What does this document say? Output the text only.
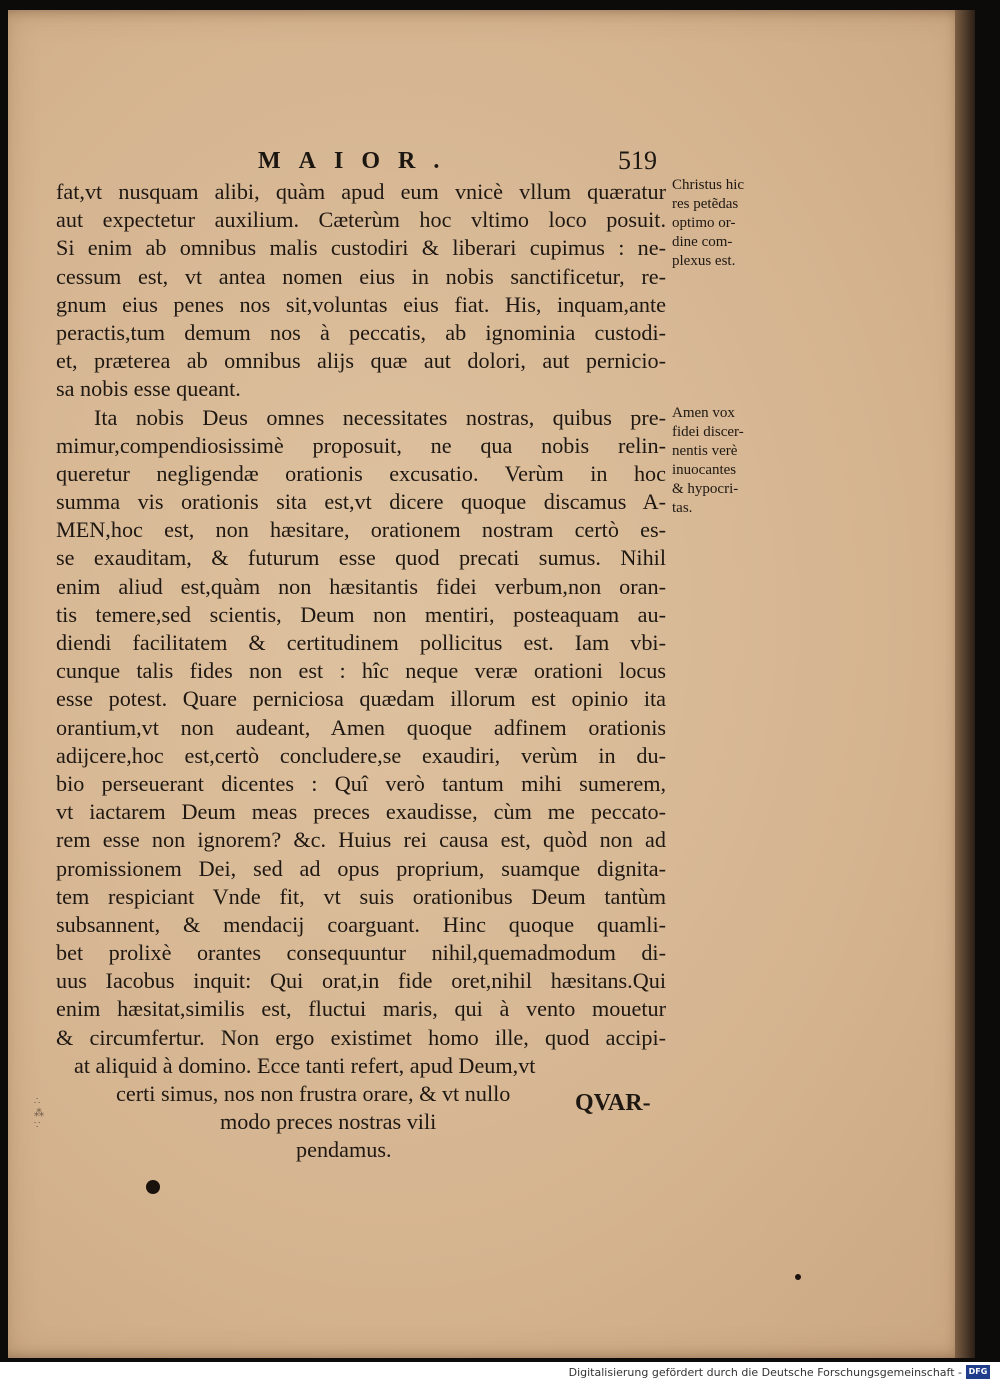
MAIOR.	519
fat,vt nusquam alibi, quàm apud eum vnicè vllum quæratur
aut expectetur auxilium. Cæterùm hoc vltimo loco posuit.
Si enim ab omnibus malis custodiri & liberari cupimus : ne-
cessum est, vt antea nomen eius in nobis sanctificetur, re-
gnum eius penes nos sit,voluntas eius fiat. His, inquam,ante
peractis,tum demum nos à peccatis, ab ignominia custodi-
et, præterea ab omnibus alijs quæ aut dolori, aut pernicio-
sa nobis esse queant.
Ita nobis Deus omnes necessitates nostras, quibus pre-
mimur,compendiosissimè proposuit, ne qua nobis relin-
queretur negligendæ orationis excusatio. Verùm in hoc
summa vis orationis sita est,vt dicere quoque discamus A-
MEN,hoc est, non hæsitare, orationem nostram certò es-
se exauditam, & futurum esse quod precati sumus. Nihil
enim aliud est,quàm non hæsitantis fidei verbum,non oran-
tis temere,sed scientis, Deum non mentiri, posteaquam au-
diendi facilitatem & certitudinem pollicitus est. Iam vbi-
cunque talis fides non est : hîc neque veræ orationi locus
esse potest. Quare perniciosa quædam illorum est opinio ita
orantium,vt non audeant, Amen quoque adfinem orationis
adijcere,hoc est,certò concludere,se exaudiri, verùm in du-
bio perseuerant dicentes : Quî verò tantum mihi sumerem,
vt iactarem Deum meas preces exaudisse, cùm me peccato-
rem esse non ignorem? &c. Huius rei causa est, quòd non ad
promissionem Dei, sed ad opus proprium, suamque dignita-
tem respiciant Vnde fit, vt suis orationibus Deum tantùm
subsannent, & mendacij coarguant. Hinc quoque quamli-
bet prolixè orantes consequuntur nihil,quemadmodum di-
uus Iacobus inquit: Qui orat,in fide oret,nihil hæsitans.Qui
enim hæsitat,similis est, fluctui maris, qui à vento mouetur
& circumfertur. Non ergo existimet homo ille, quod accipi-
at aliquid à domino. Ecce tanti refert, apud Deum,vt
certi simus, nos non frustra orare, & vt nullo
modo preces nostras vili
pendamus.
Christus hic
res petẽdas
optimo or-
dine com-
plexus est.
Amen vox
fidei discer-
nentis verè
inuocantes
& hypocri-
tas.
QVAR-
∴
⁂
∵
Digitalisierung gefördert durch die Deutsche Forschungsgemeinschaft - DFG
